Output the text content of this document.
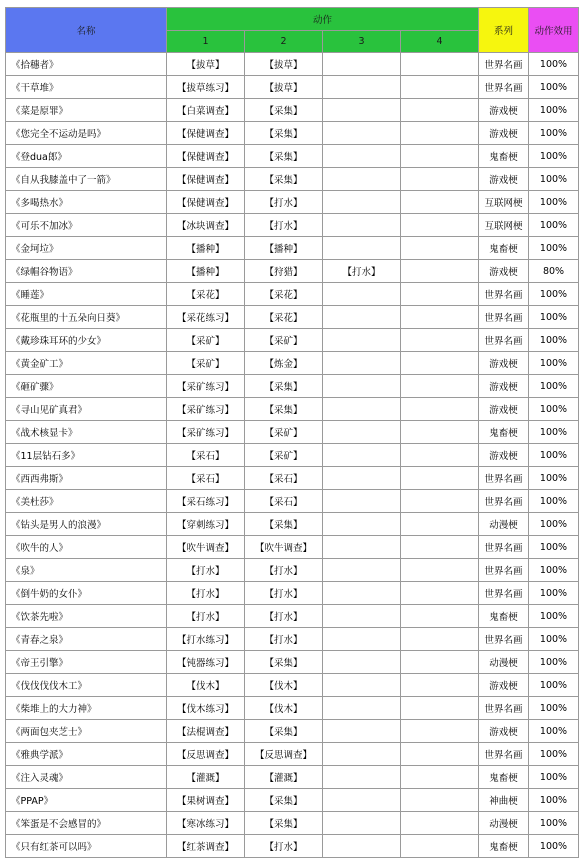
名称	动作				系列	动作效用
	1	2	3	4		
《拾穗者》	【拔草】	【拔草】			世界名画	100%
《干草堆》	【拔草练习】	【拔草】			世界名画	100%
《菜是原罪》	【白菜调查】	【采集】			游戏梗	100%
《您完全不运动是吗》	【保健调查】	【采集】			游戏梗	100%
《登dua郎》	【保健调查】	【采集】			鬼畜梗	100%
《自从我膝盖中了一箭》	【保健调查】	【采集】			游戏梗	100%
《多喝热水》	【保健调查】	【打水】			互联网梗	100%
《可乐不加冰》	【冰块调查】	【打水】			互联网梗	100%
《金坷垃》	【播种】	【播种】			鬼畜梗	100%
《绿帽谷物语》	【播种】	【狩猎】	【打水】		游戏梗	80%
《睡莲》	【采花】	【采花】			世界名画	100%
《花瓶里的十五朵向日葵》	【采花练习】	【采花】			世界名画	100%
《戴珍珠耳环的少女》	【采矿】	【采矿】			世界名画	100%
《黄金矿工》	【采矿】	【炼金】			游戏梗	100%
《砸矿骤》	【采矿练习】	【采集】			游戏梗	100%
《寻山见矿真君》	【采矿练习】	【采集】			游戏梗	100%
《战术核显卡》	【采矿练习】	【采矿】			鬼畜梗	100%
《11层钻石多》	【采石】	【采矿】			游戏梗	100%
《西西弗斯》	【采石】	【采石】			世界名画	100%
《美杜莎》	【采石练习】	【采石】			世界名画	100%
《钻头是男人的浪漫》	【穿刺练习】	【采集】			动漫梗	100%
《吹牛的人》	【吹牛调查】	【吹牛调查】			世界名画	100%
《泉》	【打水】	【打水】			世界名画	100%
《倒牛奶的女仆》	【打水】	【打水】			世界名画	100%
《饮茶先啦》	【打水】	【打水】			鬼畜梗	100%
《青春之泉》	【打水练习】	【打水】			世界名画	100%
《帝王引擎》	【钝器练习】	【采集】			动漫梗	100%
《伐伐伐伐木工》	【伐木】	【伐木】			游戏梗	100%
《柴堆上的大力神》	【伐木练习】	【伐木】			世界名画	100%
《两面包夹芝士》	【法棍调查】	【采集】			游戏梗	100%
《雅典学派》	【反思调查】	【反思调查】			世界名画	100%
《注入灵魂》	【灌溉】	【灌溉】			鬼畜梗	100%
《PPAP》	【果树调查】	【采集】			神曲梗	100%
《笨蛋是不会感冒的》	【寒冰练习】	【采集】			动漫梗	100%
《只有红茶可以吗》	【红茶调查】	【打水】			鬼畜梗	100%
